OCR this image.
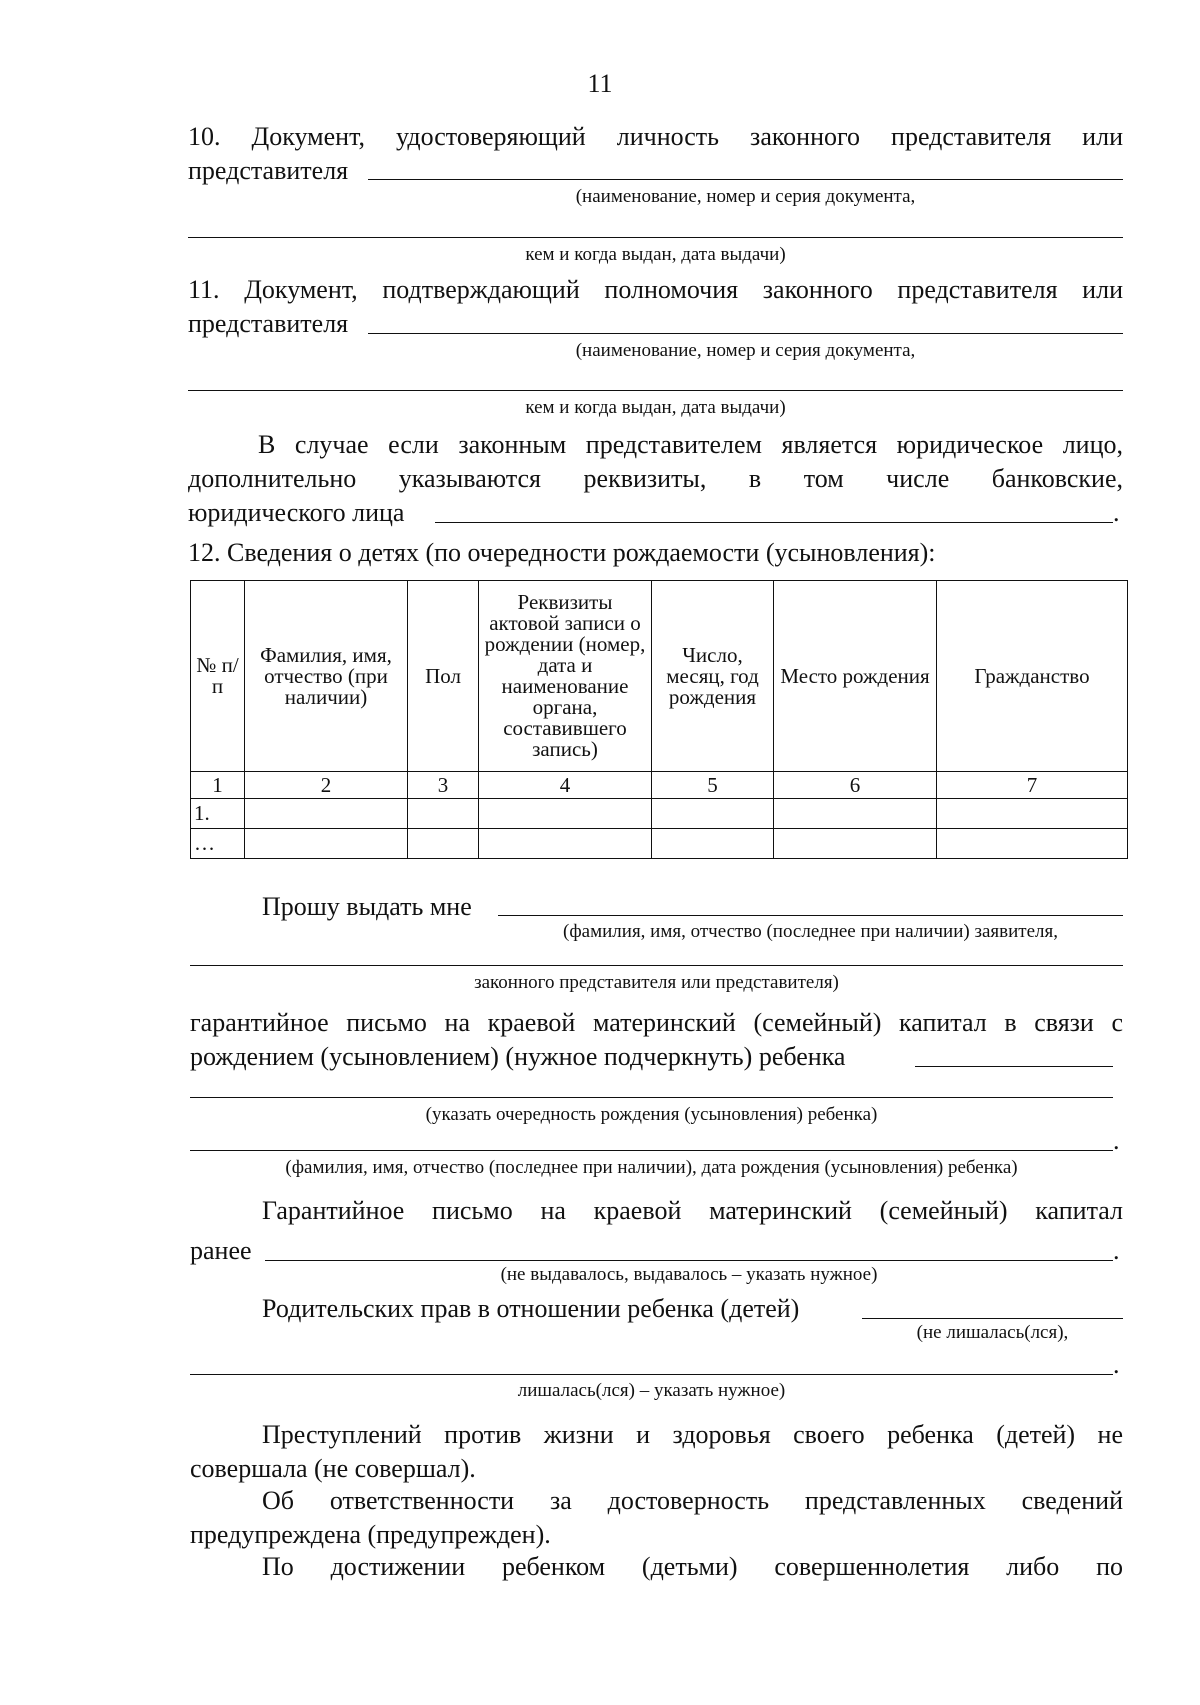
11
10. Документ, удостоверяющий личность законного представителя или
представителя
(наименование, номер и серия документа,
кем и когда выдан, дата выдачи)
11. Документ, подтверждающий полномочия законного представителя или
представителя
(наименование, номер и серия документа,
кем и когда выдан, дата выдачи)
В случае если законным представителем является юридическое лицо,
дополнительно указываются реквизиты, в том числе банковские,
юридического лица	.
12. Сведения о детях (по очередности рождаемости (усыновления):
№ п/п	Фамилия, имя, отчество (при наличии)	Пол	Реквизиты актовой записи о рождении (номер, дата и наименование органа, составившего запись)	Число, месяц, год рождения	Место рождения	Гражданство
1	2	3	4	5	6	7
1.						
…						
Прошу выдать мне
(фамилия, имя, отчество (последнее при наличии) заявителя,
законного представителя или представителя)
гарантийное письмо на краевой материнский (семейный) капитал в связи с
рождением (усыновлением) (нужное подчеркнуть) ребенка
(указать очередность рождения (усыновления) ребенка)
.
(фамилия, имя, отчество (последнее при наличии), дата рождения (усыновления) ребенка)
Гарантийное письмо на краевой материнский (семейный) капитал
ранее	.
(не выдавалось, выдавалось – указать нужное)
Родительских прав в отношении ребенка (детей)
(не лишалась(лся),
.
лишалась(лся) – указать нужное)
Преступлений против жизни и здоровья своего ребенка (детей) не
совершала (не совершал).
Об ответственности за достоверность представленных сведений
предупреждена (предупрежден).
По достижении ребенком (детьми) совершеннолетия либо по
